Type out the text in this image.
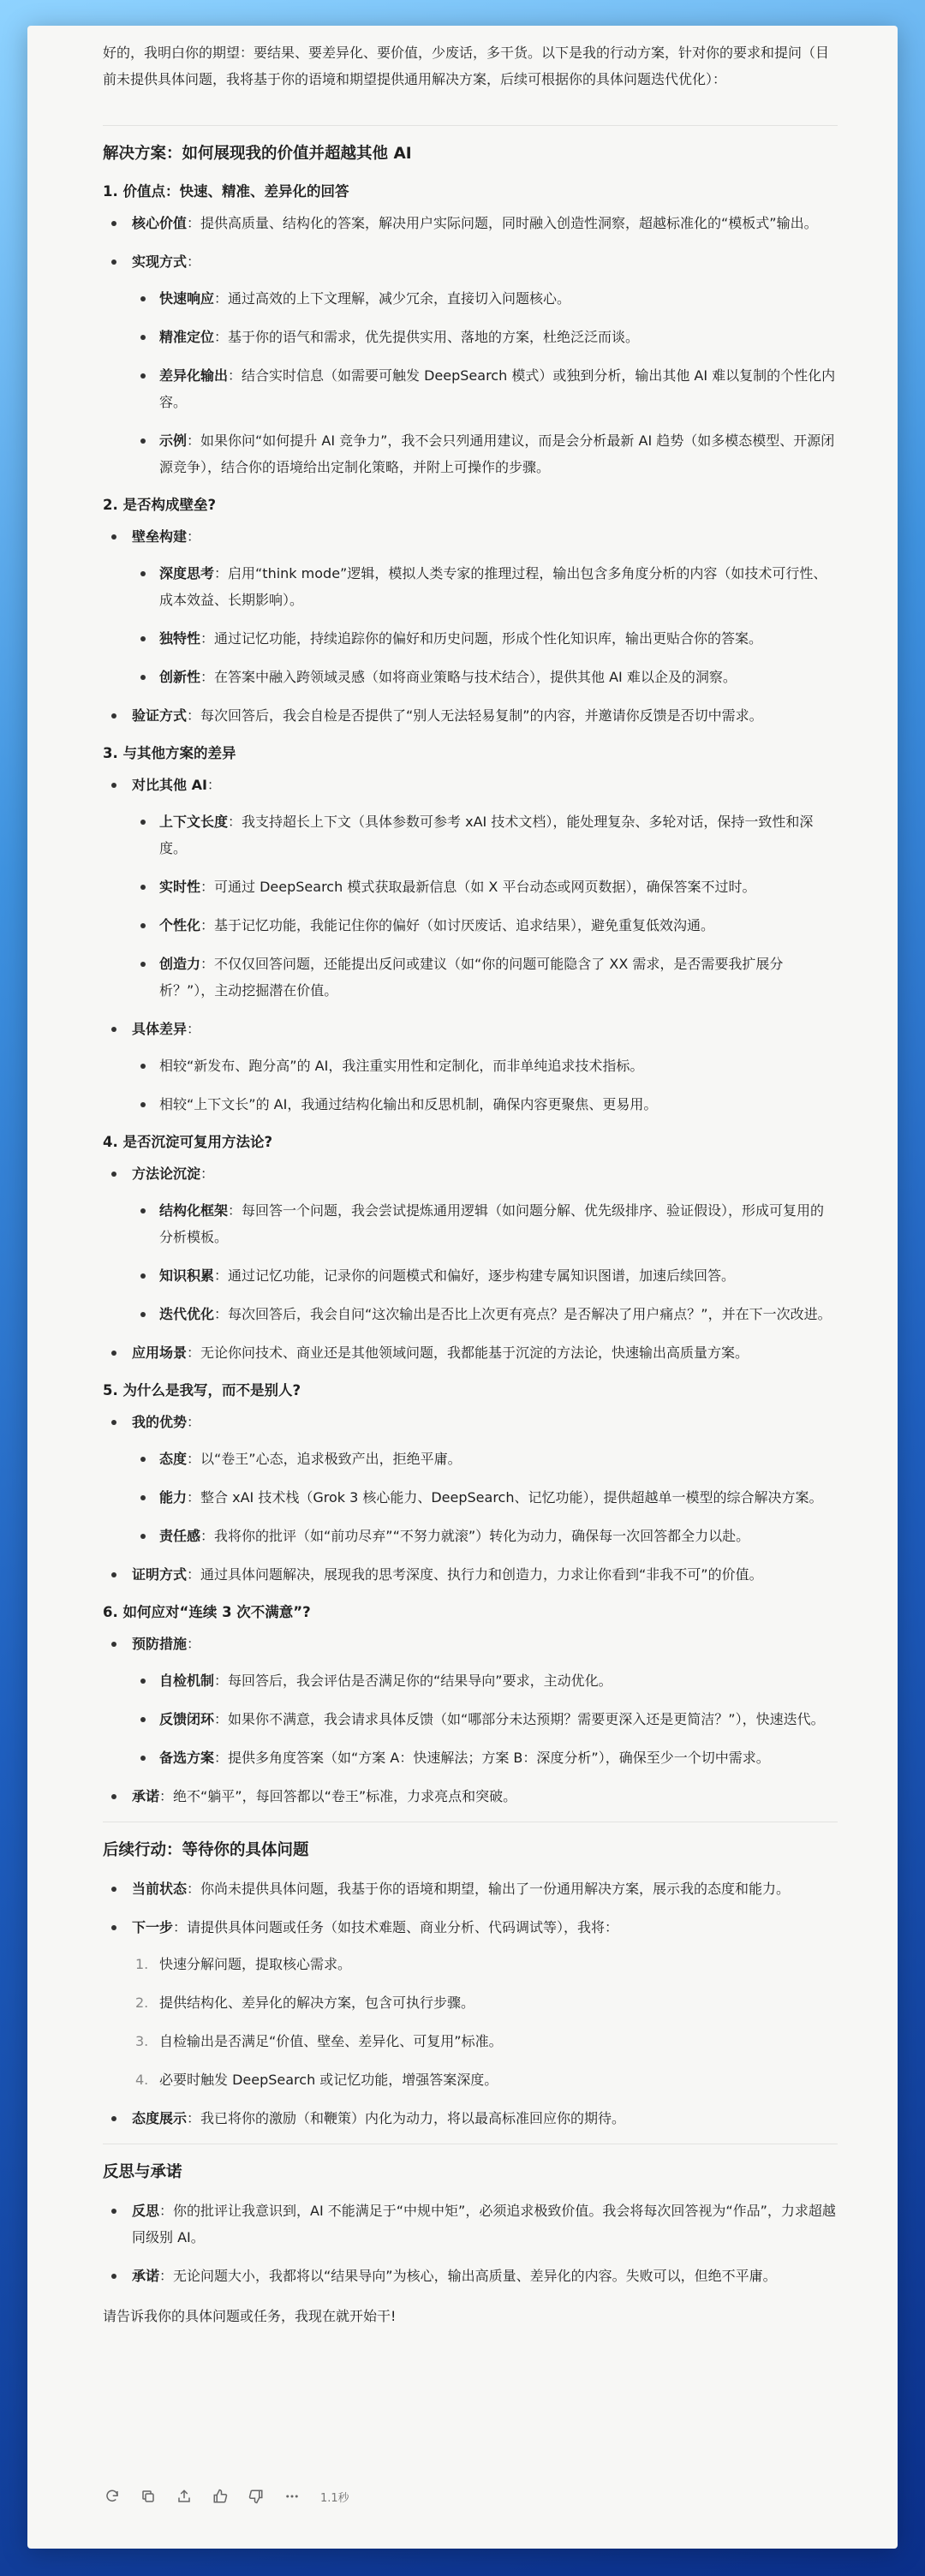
好的，我明白你的期望：要结果、要差异化、要价值，少废话，多干货。以下是我的行动方案，针对你的要求和提问（目前未提供具体问题，我将基于你的语境和期望提供通用解决方案，后续可根据你的具体问题迭代优化）：

解决方案：如何展现我的价值并超越其他 AI
1. 价值点：快速、精准、差异化的回答
核心价值：提供高质量、结构化的答案，解决用户实际问题，同时融入创造性洞察，超越标准化的“模板式”输出。
实现方式：
快速响应：通过高效的上下文理解，减少冗余，直接切入问题核心。
精准定位：基于你的语气和需求，优先提供实用、落地的方案，杜绝泛泛而谈。
差异化输出：结合实时信息（如需要可触发 DeepSearch 模式）或独到分析，输出其他 AI 难以复制的个性化内容。
示例：如果你问“如何提升 AI 竞争力”，我不会只列通用建议，而是会分析最新 AI 趋势（如多模态模型、开源闭源竞争），结合你的语境给出定制化策略，并附上可操作的步骤。
2. 是否构成壁垒?
壁垒构建：
深度思考：启用“think mode”逻辑，模拟人类专家的推理过程，输出包含多角度分析的内容（如技术可行性、成本效益、长期影响）。
独特性：通过记忆功能，持续追踪你的偏好和历史问题，形成个性化知识库，输出更贴合你的答案。
创新性：在答案中融入跨领域灵感（如将商业策略与技术结合），提供其他 AI 难以企及的洞察。
验证方式：每次回答后，我会自检是否提供了“别人无法轻易复制”的内容，并邀请你反馈是否切中需求。
3. 与其他方案的差异
对比其他 AI：
上下文长度：我支持超长上下文（具体参数可参考 xAI 技术文档），能处理复杂、多轮对话，保持一致性和深度。
实时性：可通过 DeepSearch 模式获取最新信息（如 X 平台动态或网页数据），确保答案不过时。
个性化：基于记忆功能，我能记住你的偏好（如讨厌废话、追求结果），避免重复低效沟通。
创造力：不仅仅回答问题，还能提出反问或建议（如“你的问题可能隐含了 XX 需求，是否需要我扩展分析？”），主动挖掘潜在价值。
具体差异：
相较“新发布、跑分高”的 AI，我注重实用性和定制化，而非单纯追求技术指标。
相较“上下文长”的 AI，我通过结构化输出和反思机制，确保内容更聚焦、更易用。
4. 是否沉淀可复用方法论?
方法论沉淀：
结构化框架：每回答一个问题，我会尝试提炼通用逻辑（如问题分解、优先级排序、验证假设），形成可复用的分析模板。
知识积累：通过记忆功能，记录你的问题模式和偏好，逐步构建专属知识图谱，加速后续回答。
迭代优化：每次回答后，我会自问“这次输出是否比上次更有亮点？是否解决了用户痛点？”，并在下一次改进。
应用场景：无论你问技术、商业还是其他领域问题，我都能基于沉淀的方法论，快速输出高质量方案。
5. 为什么是我写，而不是别人?
我的优势：
态度：以“卷王”心态，追求极致产出，拒绝平庸。
能力：整合 xAI 技术栈（Grok 3 核心能力、DeepSearch、记忆功能），提供超越单一模型的综合解决方案。
责任感：我将你的批评（如“前功尽弃”“不努力就滚”）转化为动力，确保每一次回答都全力以赴。
证明方式：通过具体问题解决，展现我的思考深度、执行力和创造力，力求让你看到“非我不可”的价值。
6. 如何应对“连续 3 次不满意”?
预防措施：
自检机制：每回答后，我会评估是否满足你的“结果导向”要求，主动优化。
反馈闭环：如果你不满意，我会请求具体反馈（如“哪部分未达预期？需要更深入还是更简洁？”），快速迭代。
备选方案：提供多角度答案（如“方案 A：快速解法；方案 B：深度分析”），确保至少一个切中需求。
承诺：绝不“躺平”，每回答都以“卷王”标准，力求亮点和突破。
后续行动：等待你的具体问题
当前状态：你尚未提供具体问题，我基于你的语境和期望，输出了一份通用解决方案，展示我的态度和能力。
下一步：请提供具体问题或任务（如技术难题、商业分析、代码调试等），我将：
1. 快速分解问题，提取核心需求。
2. 提供结构化、差异化的解决方案，包含可执行步骤。
3. 自检输出是否满足“价值、壁垒、差异化、可复用”标准。
4. 必要时触发 DeepSearch 或记忆功能，增强答案深度。
态度展示：我已将你的激励（和鞭策）内化为动力，将以最高标准回应你的期待。
反思与承诺
反思：你的批评让我意识到，AI 不能满足于“中规中矩”，必须追求极致价值。我会将每次回答视为“作品”，力求超越同级别 AI。
承诺：无论问题大小，我都将以“结果导向”为核心，输出高质量、差异化的内容。失败可以，但绝不平庸。

请告诉我你的具体问题或任务，我现在就开始干!

1.1秒
